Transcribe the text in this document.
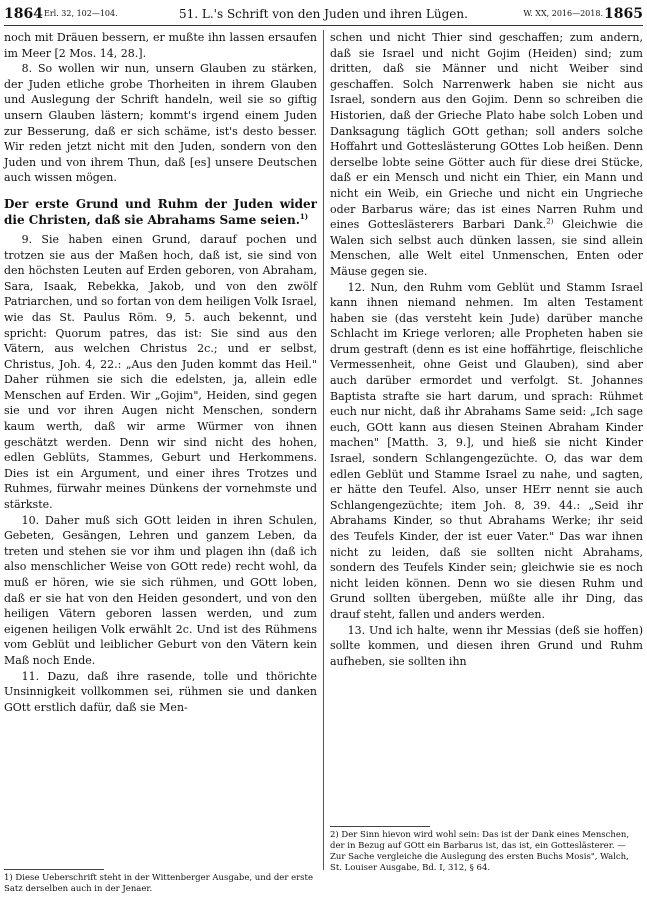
1864 Erl. 32, 102—104.	51. L.'s Schrift von den Juden und ihren Lügen.	W. XX, 2016—2018. 1865

noch mit Dräuen bessern, er mußte ihn lassen ersaufen im Meer [2 Mos. 14, 28.].

8. So wollen wir nun, unsern Glauben zu stärken, der Juden etliche grobe Thorheiten in ihrem Glauben und Auslegung der Schrift handeln, weil sie so giftig unsern Glauben lästern; kommt's irgend einem Juden zur Besserung, daß er sich schäme, ist's desto besser. Wir reden jetzt nicht mit den Juden, sondern von den Juden und von ihrem Thun, daß [es] unsere Deutschen auch wissen mögen.

Der erste Grund und Ruhm der Juden wider die Christen, daß sie Abrahams Same seien.$^{1)}$

9. Sie haben einen Grund, darauf pochen und trotzen sie aus der Maßen hoch, daß ist, sie sind von den höchsten Leuten auf Erden geboren, von Abraham, Sara, Isaak, Rebekka, Jakob, und von den zwölf Patriarchen, und so fortan von dem heiligen Volk Israel, wie das St. Paulus Röm. 9, 5. auch bekennt, und spricht: Quorum patres, das ist: Sie sind aus den Vätern, aus welchen Christus 2c.; und er selbst, Christus, Joh. 4, 22.: „Aus den Juden kommt das Heil." Daher rühmen sie sich die edelsten, ja, allein edle Menschen auf Erden. Wir „Gojim", Heiden, sind gegen sie und vor ihren Augen nicht Menschen, sondern kaum werth, daß wir arme Würmer von ihnen geschätzt werden. Denn wir sind nicht des hohen, edlen Geblüts, Stammes, Geburt und Herkommens. Dies ist ein Argument, und einer ihres Trotzes und Ruhmes, fürwahr meines Dünkens der vornehmste und stärkste.

10. Daher muß sich GOtt leiden in ihren Schulen, Gebeten, Gesängen, Lehren und ganzem Leben, da treten und stehen sie vor ihm und plagen ihn (daß ich also menschlicher Weise von GOtt rede) recht wohl, da muß er hören, wie sie sich rühmen, und GOtt loben, daß er sie hat von den Heiden gesondert, und von den heiligen Vätern geboren lassen werden, und zum eigenen heiligen Volk erwählt 2c. Und ist des Rühmens vom Geblüt und leiblicher Geburt von den Vätern kein Maß noch Ende.

11. Dazu, daß ihre rasende, tolle und thörichte Unsinnigkeit vollkommen sei, rühmen sie und danken GOtt erstlich dafür, daß sie Men-

schen und nicht Thier sind geschaffen; zum andern, daß sie Israel und nicht Gojim (Heiden) sind; zum dritten, daß sie Männer und nicht Weiber sind geschaffen. Solch Narrenwerk haben sie nicht aus Israel, sondern aus den Gojim. Denn so schreiben die Historien, daß der Grieche Plato habe solch Loben und Danksagung täglich GOtt gethan; soll anders solche Hoffahrt und Gotteslästerung GOttes Lob heißen. Denn derselbe lobte seine Götter auch für diese drei Stücke, daß er ein Mensch und nicht ein Thier, ein Mann und nicht ein Weib, ein Grieche und nicht ein Ungrieche oder Barbarus wäre; das ist eines Narren Ruhm und eines Gotteslästerers Barbari Dank.$^{2)}$ Gleichwie die Walen sich selbst auch dünken lassen, sie sind allein Menschen, alle Welt eitel Unmenschen, Enten oder Mäuse gegen sie.

12. Nun, den Ruhm vom Geblüt und Stamm Israel kann ihnen niemand nehmen. Im alten Testament haben sie (das versteht kein Jude) darüber manche Schlacht im Kriege verloren; alle Propheten haben sie drum gestraft (denn es ist eine hoffährtige, fleischliche Vermessenheit, ohne Geist und Glauben), sind aber auch darüber ermordet und verfolgt. St. Johannes Baptista strafte sie hart darum, und sprach: Rühmet euch nur nicht, daß ihr Abrahams Same seid: „Ich sage euch, GOtt kann aus diesen Steinen Abraham Kinder machen" [Matth. 3, 9.], und hieß sie nicht Kinder Israel, sondern Schlangengezüchte. O, das war dem edlen Geblüt und Stamme Israel zu nahe, und sagten, er hätte den Teufel. Also, unser HErr nennt sie auch Schlangengezüchte; item Joh. 8, 39. 44.: „Seid ihr Abrahams Kinder, so thut Abrahams Werke; ihr seid des Teufels Kinder, der ist euer Vater." Das war ihnen nicht zu leiden, daß sie sollten nicht Abrahams, sondern des Teufels Kinder sein; gleichwie sie es noch nicht leiden können. Denn wo sie diesen Ruhm und Grund sollten übergeben, müßte alle ihr Ding, das drauf steht, fallen und anders werden.

13. Und ich halte, wenn ihr Messias (deß sie hoffen) sollte kommen, und diesen ihren Grund und Ruhm aufheben, sie sollten ihn

1) Diese Ueberschrift steht in der Wittenberger Ausgabe, und der erste Satz derselben auch in der Jenaer.
2) Der Sinn hievon wird wohl sein: Das ist der Dank eines Menschen, der in Bezug auf GOtt ein Barbarus ist, das ist, ein Gotteslästerer. — Zur Sache vergleiche die Auslegung des ersten Buchs Mosis", Walch, St. Louiser Ausgabe, Bd. I, 312, § 64.
